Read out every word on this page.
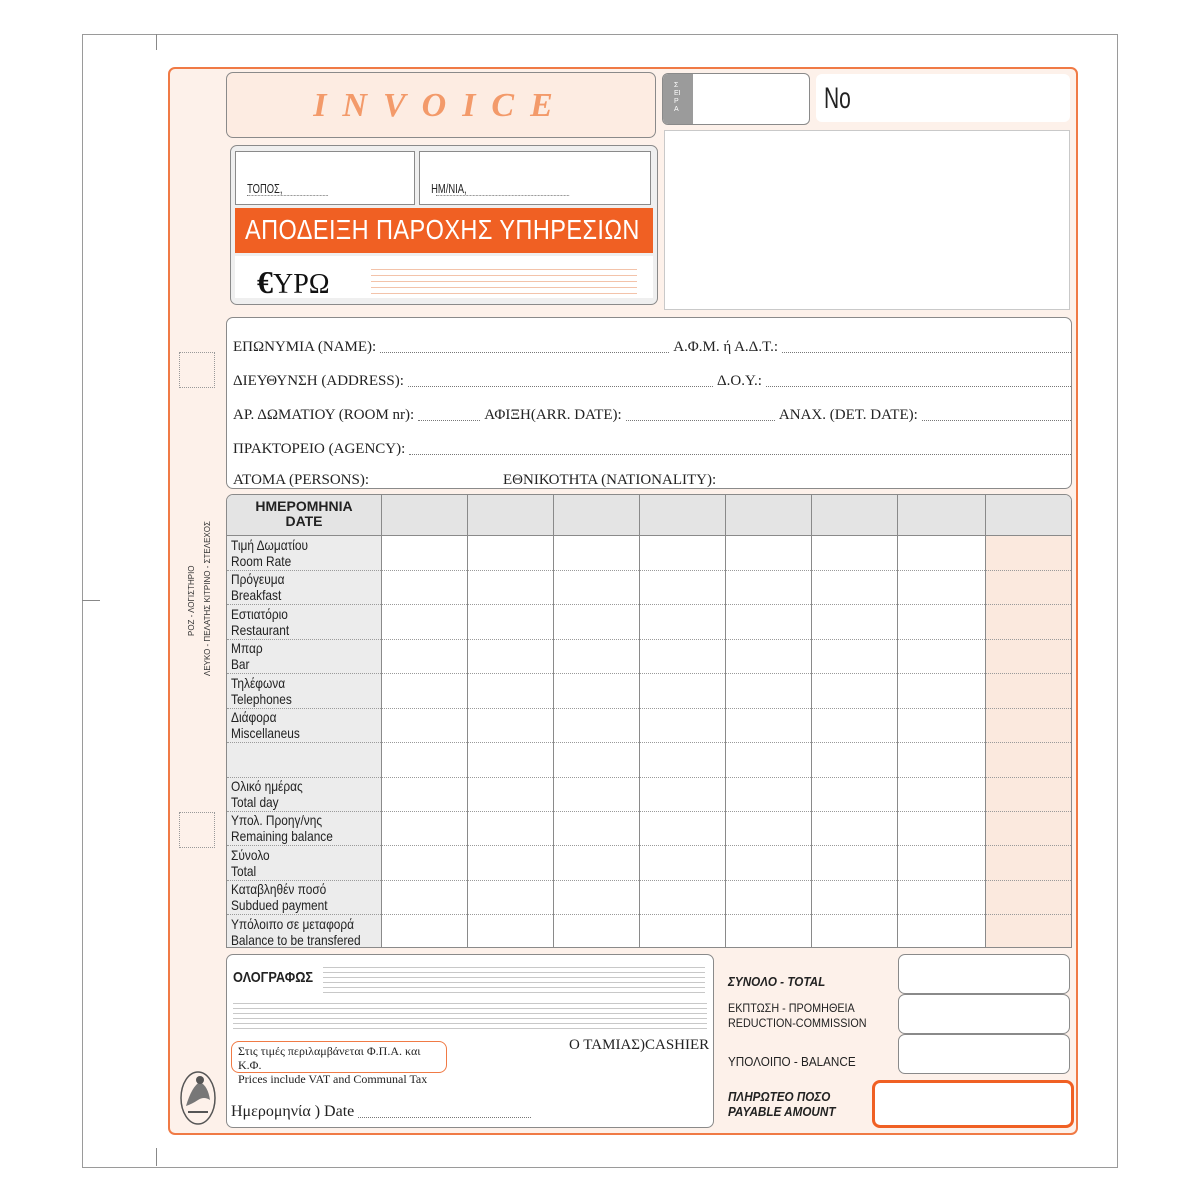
ΡΟΖ - ΛΟΓΙΣΤΗΡΙΟ ΛΕΥΚΟ - ΠΕΛΑΤΗΣ ΚΙΤΡΙΝΟ - ΣΤΕΛΕΧΟΣ
INVOICE
ΣΕΙΡΑ	No
ΤΟΠΟΣ,	ΗΜ/ΝΙΑ,
ΑΠΟΔΕΙΞΗ ΠΑΡΟΧΗΣ ΥΠΗΡΕΣΙΩΝ
€ΥΡΩ
ΕΠΩΝΥΜΙΑ (NAME):	Α.Φ.Μ. ή Α.Δ.Τ.:
ΔΙΕΥΘΥΝΣΗ (ADDRESS):	Δ.Ο.Υ.:
ΑΡ. ΔΩΜΑΤΙΟΥ (ROOM nr):	ΑΦΙΞΗ(ARR. DATE):	ΑΝΑΧ. (DET. DATE):
ΠΡΑΚΤΟΡΕΙΟ (AGENCY):
ΑΤΟΜΑ (PERSONS):	ΕΘΝΙΚΟΤΗΤΑ (NATIONALITY):
ΗΜΕΡΟΜΗΝΙΑ
DATE
Τιμή Δωματίου
Room Rate
Πρόγευμα
Breakfast
Εστιατόριο
Restaurant
Μπαρ
Bar
Τηλέφωνα
Telephones
Διάφορα
Miscellaneus
Ολικό ημέρας
Total day
Υπολ. Προηγ/νης
Remaining balance
Σύνολο
Total
Καταβληθέν ποσό
Subdued payment
Υπόλοιπο σε μεταφορά
Balance to be transfered
ΟΛΟΓΡΑΦΩΣ
Ο ΤΑΜΙΑΣ)CASHIER
Στις τιμές περιλαμβάνεται Φ.Π.Α. και Κ.Φ.
Prices include VAT and Communal Tax
Ημερομηνία ) Date
ΣΥΝΟΛΟ - TOTAL
ΕΚΠΤΩΣΗ - ΠΡΟΜΗΘΕΙΑ
REDUCTION-COMMISSION
ΥΠΟΛΟΙΠΟ - BALANCE
ΠΛΗΡΩΤΕΟ ΠΟΣΟ
PAYABLE AMOUNT
